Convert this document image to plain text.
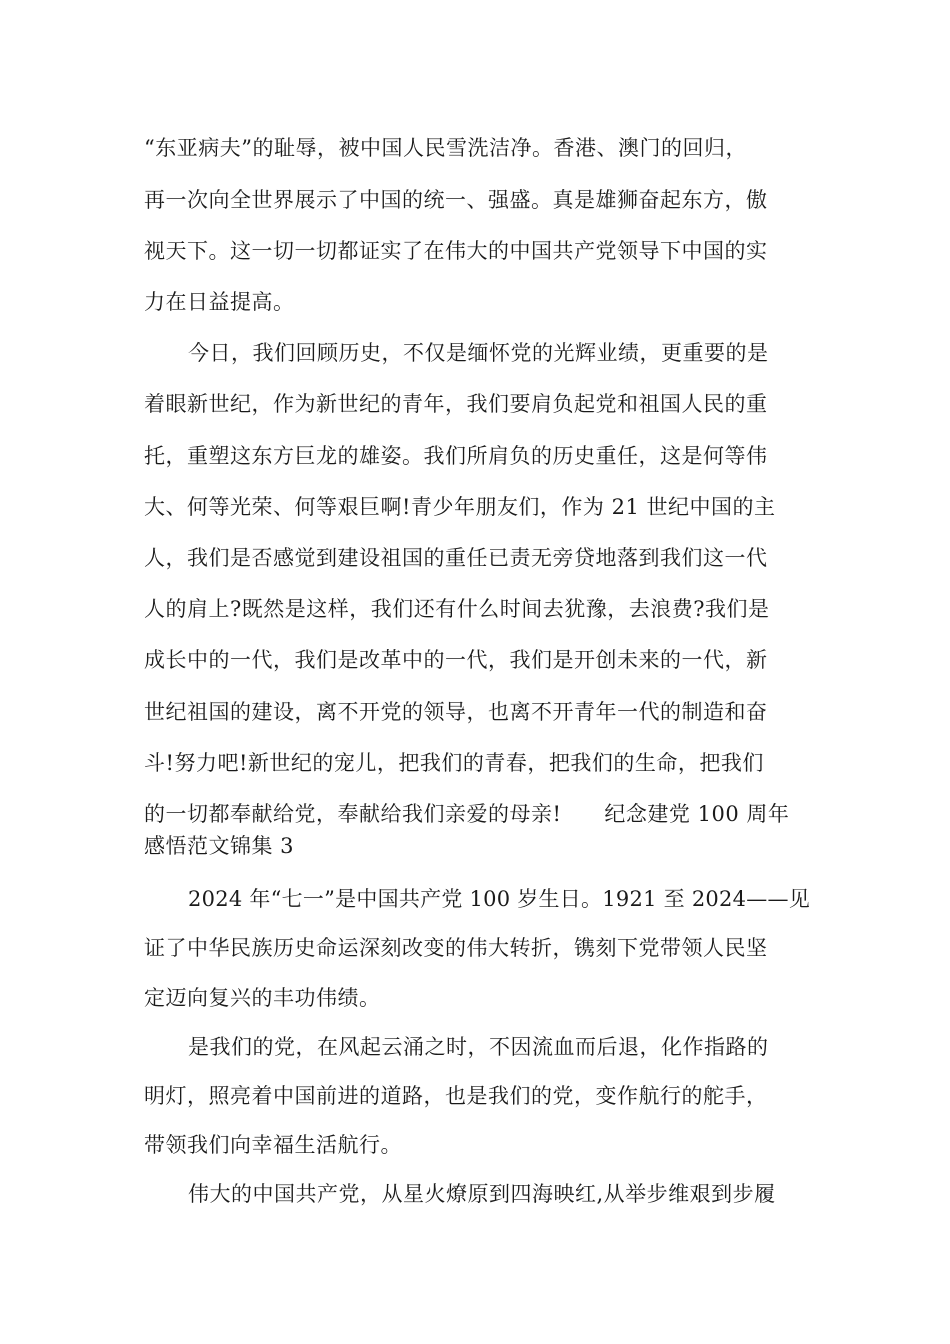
“东亚病夫”的耻辱，被中国人民雪洗洁净。香港、澳门的回归，
再一次向全世界展示了中国的统一、强盛。真是雄狮奋起东方，傲
视天下。这一切一切都证实了在伟大的中国共产党领导下中国的实
力在日益提高。
今日，我们回顾历史，不仅是缅怀党的光辉业绩，更重要的是
着眼新世纪，作为新世纪的青年，我们要肩负起党和祖国人民的重
托，重塑这东方巨龙的雄姿。我们所肩负的历史重任，这是何等伟
大、何等光荣、何等艰巨啊!青少年朋友们，作为 21 世纪中国的主
人，我们是否感觉到建设祖国的重任已责无旁贷地落到我们这一代
人的肩上?既然是这样，我们还有什么时间去犹豫，去浪费?我们是
成长中的一代，我们是改革中的一代，我们是开创未来的一代，新
世纪祖国的建设，离不开党的领导，也离不开青年一代的制造和奋
斗!努力吧!新世纪的宠儿，把我们的青春，把我们的生命，把我们
的一切都奉献给党，奉献给我们亲爱的母亲!　　纪念建党 100 周年
感悟范文锦集 3
2024 年“七一”是中国共产党 100 岁生日。1921 至 2024——见
证了中华民族历史命运深刻改变的伟大转折，镌刻下党带领人民坚
定迈向复兴的丰功伟绩。
是我们的党，在风起云涌之时，不因流血而后退，化作指路的
明灯，照亮着中国前进的道路，也是我们的党，变作航行的舵手，
带领我们向幸福生活航行。
伟大的中国共产党，从星火燎原到四海映红,从举步维艰到步履
